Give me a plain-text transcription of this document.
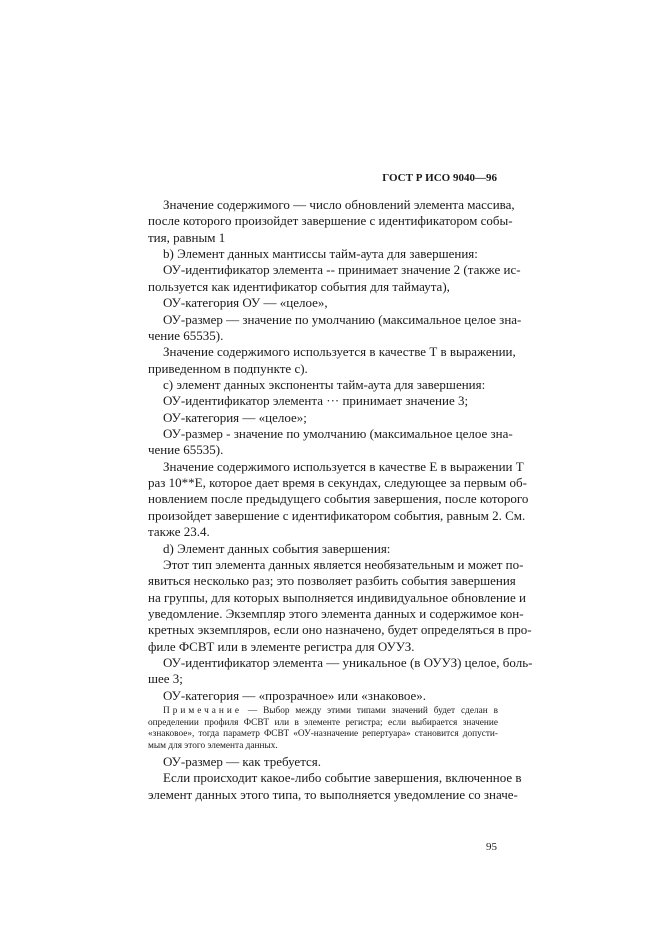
ГОСТ Р ИСО 9040—96
Значение содержимого — число обновлений элемента массива,
после которого произойдет завершение с идентификатором собы-
тия, равным 1
b) Элемент данных мантиссы тайм-аута для завершения:
ОУ-идентификатор элемента -- принимает значение 2 (также ис-
пользуется как идентификатор события для таймаута),
ОУ-категория ОУ — «целое»,
ОУ-размер — значение по умолчанию (максимальное целое зна-
чение 65535).
Значение содержимого используется в качестве Т в выражении,
приведенном в подпункте с).
с) элемент данных экспоненты тайм-аута для завершения:
ОУ-идентификатор элемента ··· принимает значение 3;
ОУ-категория — «целое»;
ОУ-размер - значение по умолчанию (максимальное целое зна-
чение 65535).
Значение содержимого используется в качестве Е в выражении Т
раз 10**Е, которое дает время в секундах, следующее за первым об-
новлением после предыдущего события завершения, после которого
произойдет завершение с идентификатором события, равным 2. См.
также 23.4.
d) Элемент данных события завершения:
Этот тип элемента данных является необязательным и может по-
явиться несколько раз; это позволяет разбить события завершения
на группы, для которых выполняется индивидуальное обновление и
уведомление. Экземпляр этого элемента данных и содержимое кон-
кретных экземпляров, если оно назначено, будет определяться в про-
филе ФСВТ или в элементе регистра для ОУУЗ.
ОУ-идентификатор элемента — уникальное (в ОУУЗ) целое, боль-
шее 3;
ОУ-категория — «прозрачное» или «знаковое».
Примечание — Выбор между этими типами значений будет сделан в
определении профиля ФСВТ или в элементе регистра; если выбирается значение
«знаковое», тогда параметр ФСВТ «ОУ-назначение репертуара» становится допусти-
мым для этого элемента данных.
ОУ-размер — как требуется.
Если происходит какое-либо событие завершения, включенное в
элемент данных этого типа, то выполняется уведомление со значе-
95
